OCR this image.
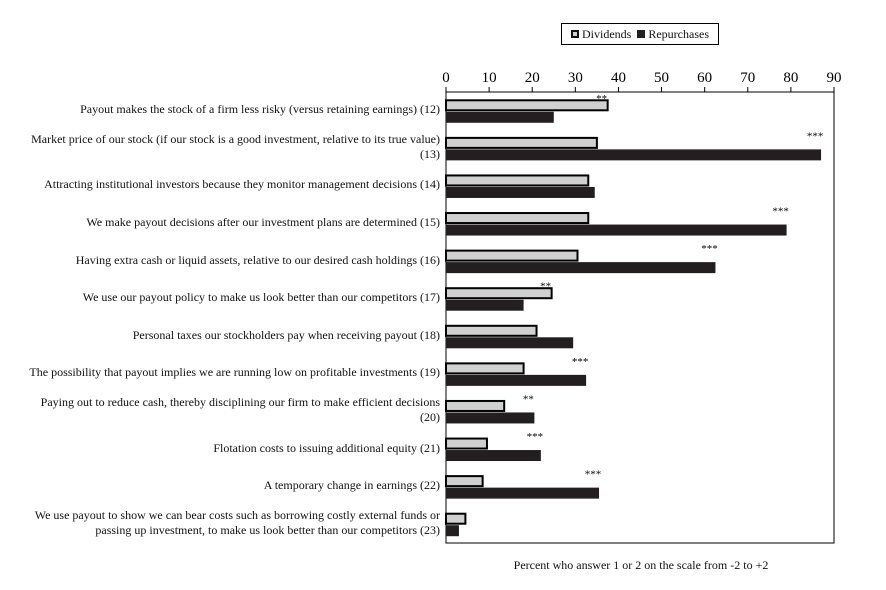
0 10 20 30 40 50 60 70 80 90
**
***
***
***
**
***
**
***
***
Payout makes the stock of a firm less risky (versus retaining earnings) (12)
Market price of our stock (if our stock is a good investment, relative to its true value) (13)
Attracting institutional investors because they monitor management decisions (14)
We make payout decisions after our investment plans are determined (15)
Having extra cash or liquid assets, relative to our desired cash holdings (16)
We use our payout policy to make us look better than our competitors (17)
Personal taxes our stockholders pay when receiving payout (18)
The possibility that payout implies we are running low on profitable investments (19)
Paying out to reduce cash, thereby disciplining our firm to make efficient decisions (20)
Flotation costs to issuing additional equity (21)
A temporary change in earnings (22)
We use payout to show we can bear costs such as borrowing costly external funds or passing up investment, to make us look better than our competitors (23)
Dividends Repurchases
Percent who answer 1 or 2 on the scale from -2 to +2
